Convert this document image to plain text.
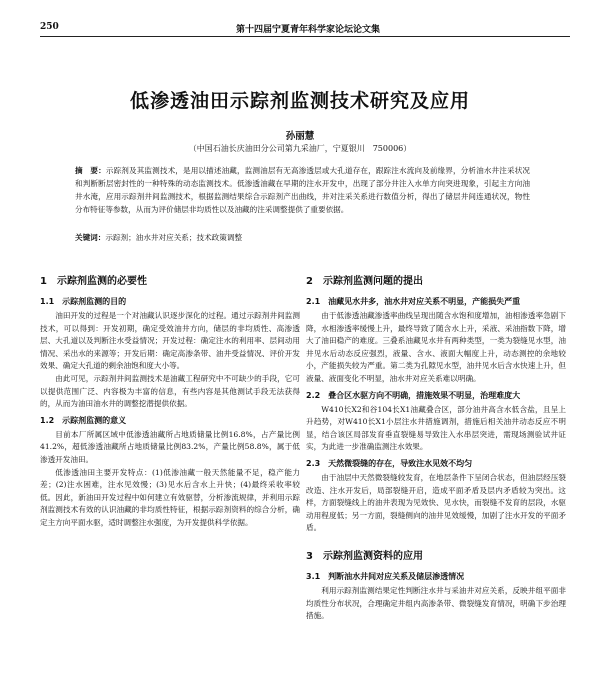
250	第十四届宁夏青年科学家论坛论文集
低渗透油田示踪剂监测技术研究及应用
孙丽慧
（中国石油长庆油田分公司第九采油厂，宁夏银川　750006）
摘　要：示踪剂及其监测技术，是用以描述油藏，监测油层有无高渗透层或大孔道存在，跟踪注水流向及前缘界，分析油水井注采状况和判断断层密封性的一种特殊的动态监测技术。低渗透油藏在早期的注水开发中，出现了部分井注入水单方向突进现象，引起主方向油井水淹，应用示踪剂井间监测技术，根据监测结果综合示踪剂产出曲线，井对注采关系进行数值分析，得出了储层井间连通状况，物性分布特征等参数，从而为评价储层非均质性以及油藏的注采调整提供了重要依据。
关键词：示踪剂；油水井对应关系；技术政策调整
1　示踪剂监测的必要性
1.1　示踪剂监测的目的

油田开发的过程是一个对油藏认识逐步深化的过程。通过示踪剂井间监测技术，可以得到：开发初期，确定受效油井方向，储层的非均质性、高渗透层、大孔道以及判断注水受益情况；开发过程：确定注水的利用率、层间动用情况、采出水的来源等；开发后期：确定高渗条带、油井受益情况、评价开发效果、确定大孔道的剩余油饱和度大小等。

由此可见，示踪剂井间监测技术是油藏工程研究中不可缺少的手段，它可以提供范围广泛、内容极为丰富的信息，有些内容是其他测试手段无法获得的，从而为油田油水井的调整挖潜提供依据。

1.2　示踪剂监测的意义

目前本厂所属区域中低渗透油藏所占地质储量比例16.8%，占产量比例41.2%，超低渗透油藏所占地质储量比例83.2%，产量比例58.8%，属于低渗透开发油田。

低渗透油田主要开发特点：(1)低渗油藏一般天然能量不足，稳产能力差；(2)注水困难，注水见效慢；(3)见水后含水上升快；(4)最终采收率较低。因此，新油田开发过程中如何建立有效驱替，分析渗流规律，并利用示踪剂监测技术有效的认识油藏的非均质性特征，根据示踪剂资料的综合分析，确定主方向平面水驱，适时调整注水强度，为开发提供科学依据。

2　示踪剂监测问题的提出
2.1　油藏见水井多，油水井对应关系不明显，产能损失严重

由于低渗透油藏渗透率曲线呈现出随含水饱和度增加，油相渗透率急剧下降，水相渗透率缓慢上升，最终导致了随含水上升，采液、采油指数下降，增大了油田稳产的难度。三叠系油藏见水井有两种类型，一类为裂缝见水型，油井见水后动态反应强烈，液量、含水、液面大幅度上升，动态测控的余地较小，产能损失较为严重。第二类为孔隙见水型，油井见水后含水快速上升，但液量、液面变化不明显，油水井对应关系难以明确。

2.2　叠合区水驱方向不明确，措施效果不明显，治理难度大

W410长X2和谷104长X1油藏叠合区，部分油井高含水低含盐，且呈上升趋势，对W410长X1小层注水井措施调剂，措施后相关油井动态反应不明显，结合该区局部发育垂直裂缝易导致注入水串层突进，需现场测验试井证实，为此进一步准确监测注水效果。

2.3　天然微裂缝的存在，导致注水见效不均匀

由于油层中天然微裂缝较发育，在地层条件下呈闭合状态，但油层经压裂改造、注水开发后，局部裂缝开启，造成平面矛盾及层内矛盾较为突出。这样，方面裂缝线上的油井表现为见效快、见水快，而裂缝不发育的层段，水驱动用程度低；另一方面，裂缝侧向的油井见效缓慢，加剧了注水开发的平面矛盾。

3　示踪剂监测资料的应用
3.1　判断油水井间对应关系及储层渗透情况

利用示踪剂监测结果定性判断注水井与采油井对应关系，反映井组平面非均质性分布状况，合理确定井组内高渗条带、微裂缝发育情况，明确下步治理措施。
